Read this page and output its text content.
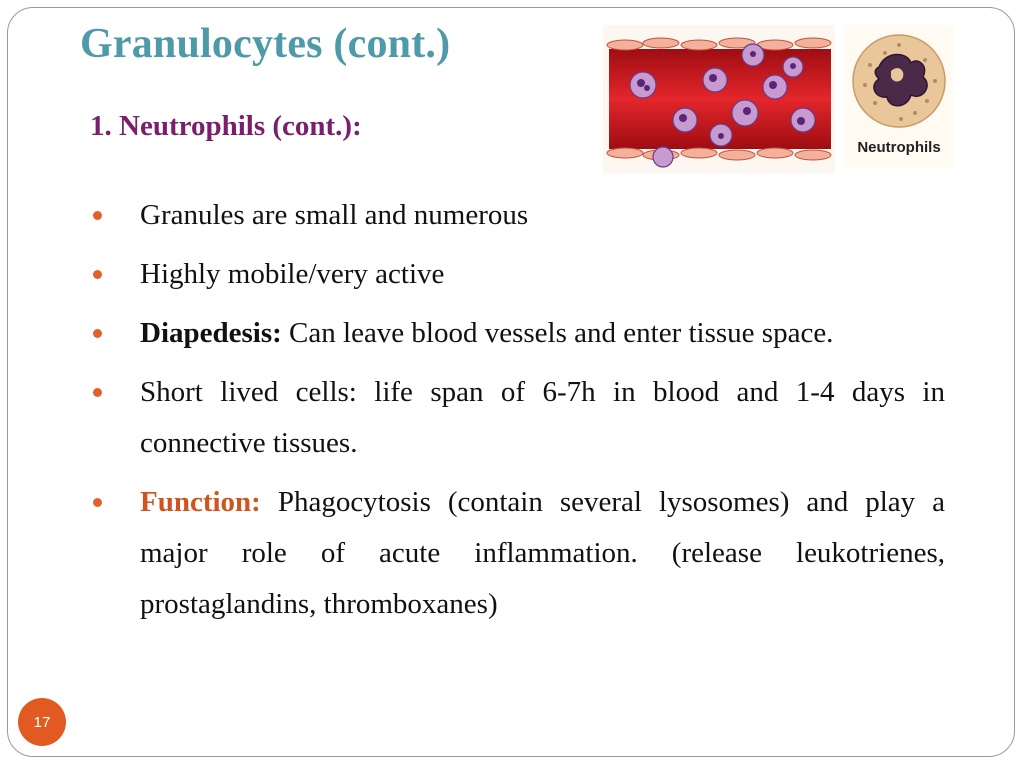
Granulocytes (cont.)
1. Neutrophils (cont.):
Neutrophils
Granules are small and numerous
Highly mobile/very active
Diapedesis: Can leave blood vessels and enter tissue space.
Short lived cells: life span of 6-7h in blood and 1-4 days in connective tissues.
Function: Phagocytosis (contain several lysosomes) and play a major role of acute inflammation. (release leukotrienes, prostaglandins, thromboxanes)
17
